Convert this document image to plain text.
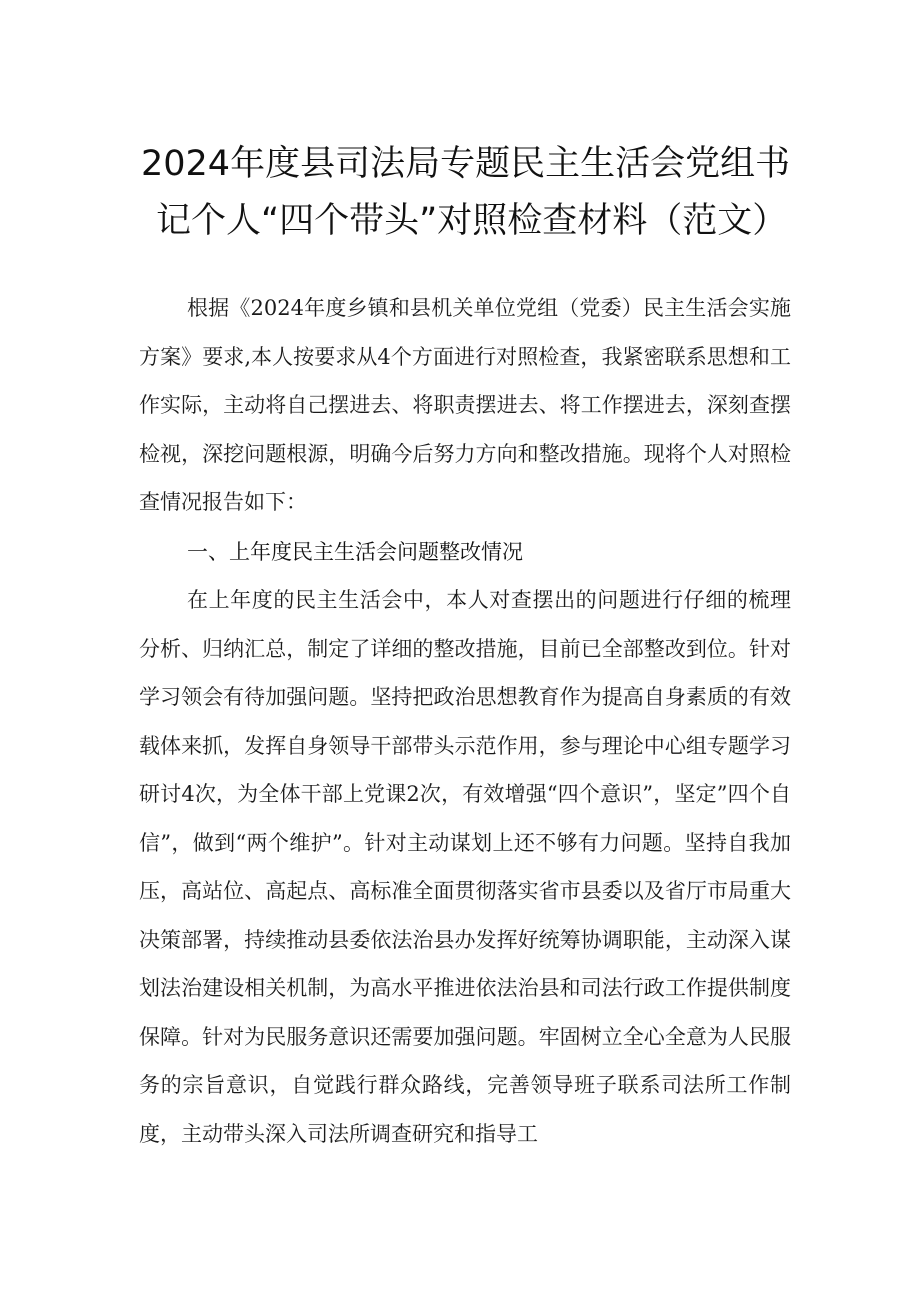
2024年度县司法局专题民主生活会党组书
记个人“四个带头”对照检查材料（范文）

根据《2024年度乡镇和县机关单位党组（党委）民主生活会实施方案》要求,本人按要求从4个方面进行对照检查，我紧密联系思想和工作实际，主动将自己摆进去、将职责摆进去、将工作摆进去，深刻查摆检视，深挖问题根源，明确今后努力方向和整改措施。现将个人对照检查情况报告如下：

一、上年度民主生活会问题整改情况

在上年度的民主生活会中，本人对查摆出的问题进行仔细的梳理分析、归纳汇总，制定了详细的整改措施，目前已全部整改到位。针对学习领会有待加强问题。坚持把政治思想教育作为提高自身素质的有效载体来抓，发挥自身领导干部带头示范作用，参与理论中心组专题学习研讨4次，为全体干部上党课2次，有效增强“四个意识”，坚定”四个自信”，做到“两个维护”。针对主动谋划上还不够有力问题。坚持自我加压，高站位、高起点、高标准全面贯彻落实省市县委以及省厅市局重大决策部署，持续推动县委依法治县办发挥好统筹协调职能，主动深入谋划法治建设相关机制，为高水平推进依法治县和司法行政工作提供制度保障。针对为民服务意识还需要加强问题。牢固树立全心全意为人民服务的宗旨意识，自觉践行群众路线，完善领导班子联系司法所工作制度，主动带头深入司法所调查研究和指导工
